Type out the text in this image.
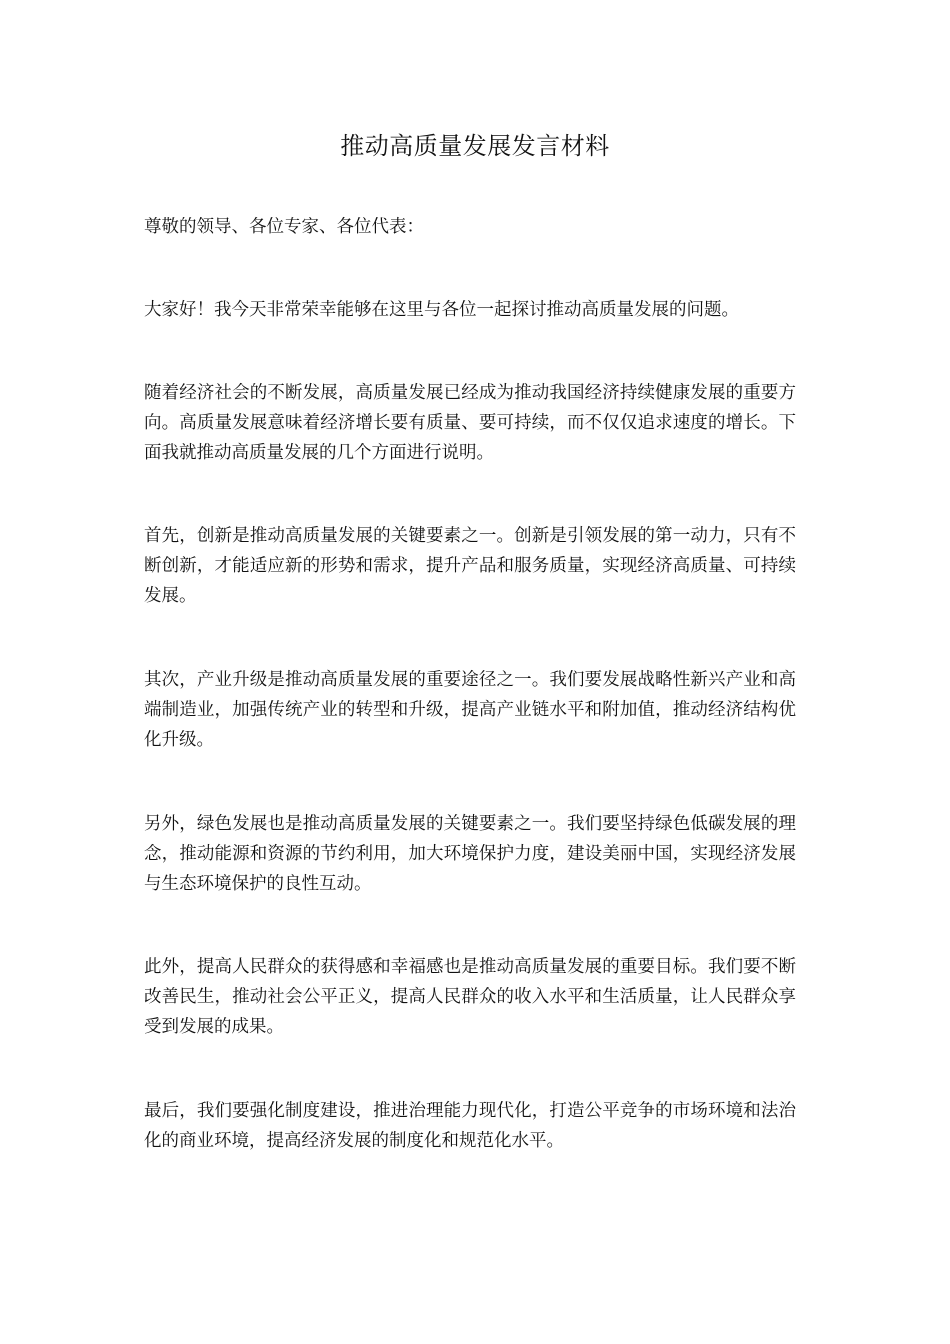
推动高质量发展发言材料

尊敬的领导、各位专家、各位代表：

大家好！我今天非常荣幸能够在这里与各位一起探讨推动高质量发展的问题。

随着经济社会的不断发展，高质量发展已经成为推动我国经济持续健康发展的重要方向。高质量发展意味着经济增长要有质量、要可持续，而不仅仅追求速度的增长。下面我就推动高质量发展的几个方面进行说明。

首先，创新是推动高质量发展的关键要素之一。创新是引领发展的第一动力，只有不断创新，才能适应新的形势和需求，提升产品和服务质量，实现经济高质量、可持续发展。

其次，产业升级是推动高质量发展的重要途径之一。我们要发展战略性新兴产业和高端制造业，加强传统产业的转型和升级，提高产业链水平和附加值，推动经济结构优化升级。

另外，绿色发展也是推动高质量发展的关键要素之一。我们要坚持绿色低碳发展的理念，推动能源和资源的节约利用，加大环境保护力度，建设美丽中国，实现经济发展与生态环境保护的良性互动。

此外，提高人民群众的获得感和幸福感也是推动高质量发展的重要目标。我们要不断改善民生，推动社会公平正义，提高人民群众的收入水平和生活质量，让人民群众享受到发展的成果。

最后，我们要强化制度建设，推进治理能力现代化，打造公平竞争的市场环境和法治化的商业环境，提高经济发展的制度化和规范化水平。
